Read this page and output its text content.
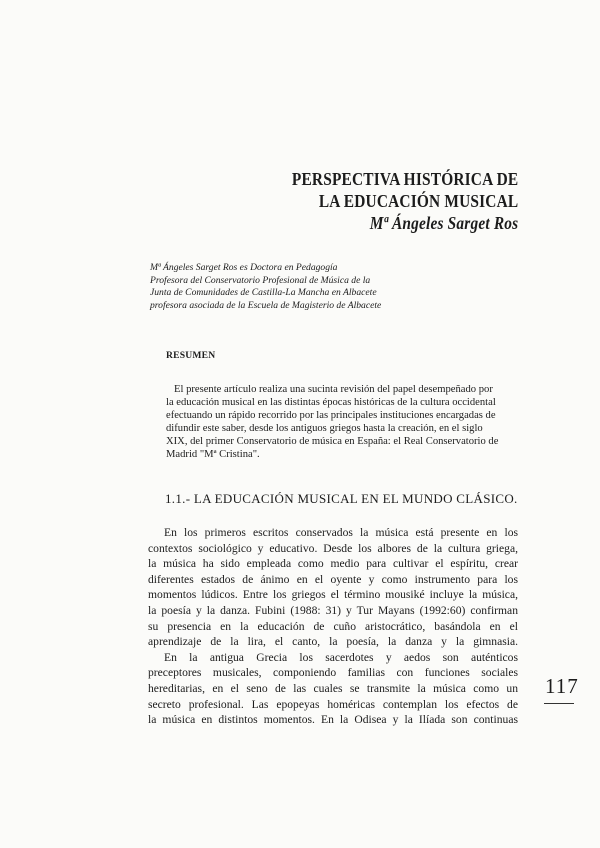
PERSPECTIVA HISTÓRICA DE
LA EDUCACIÓN MUSICAL
Mª Ángeles Sarget Ros
Mª Ángeles Sarget Ros es Doctora en Pedagogía
Profesora del Conservatorio Profesional de Música de la
Junta de Comunidades de Castilla-La Mancha en Albacete
profesora asociada de la Escuela de Magisterio de Albacete
RESUMEN
El presente artículo realiza una sucinta revisión del papel desempeñado por
la educación musical en las distintas épocas históricas de la cultura occidental
efectuando un rápido recorrido por las principales instituciones encargadas de
difundir este saber, desde los antiguos griegos hasta la creación, en el siglo
XIX, del primer Conservatorio de música en España: el Real Conservatorio de
Madrid "Mª Cristina".
1.1.- LA EDUCACIÓN MUSICAL EN EL MUNDO CLÁSICO.
En los primeros escritos conservados la música está presente en los
contextos sociológico y educativo. Desde los albores de la cultura griega,
la música ha sido empleada como medio para cultivar el espíritu, crear
diferentes estados de ánimo en el oyente y como instrumento para los
momentos lúdicos. Entre los griegos el término mousiké incluye la música,
la poesía y la danza. Fubini (1988: 31) y Tur Mayans (1992:60) confirman
su presencia en la educación de cuño aristocrático, basándola en el
aprendizaje de la lira, el canto, la poesía, la danza y la gimnasia.
En la antigua Grecia los sacerdotes y aedos son auténticos
preceptores musicales, componiendo familias con funciones sociales
hereditarias, en el seno de las cuales se transmite la música como un
secreto profesional. Las epopeyas homéricas contemplan los efectos de
la música en distintos momentos. En la Odisea y la Ilíada son continuas
117
